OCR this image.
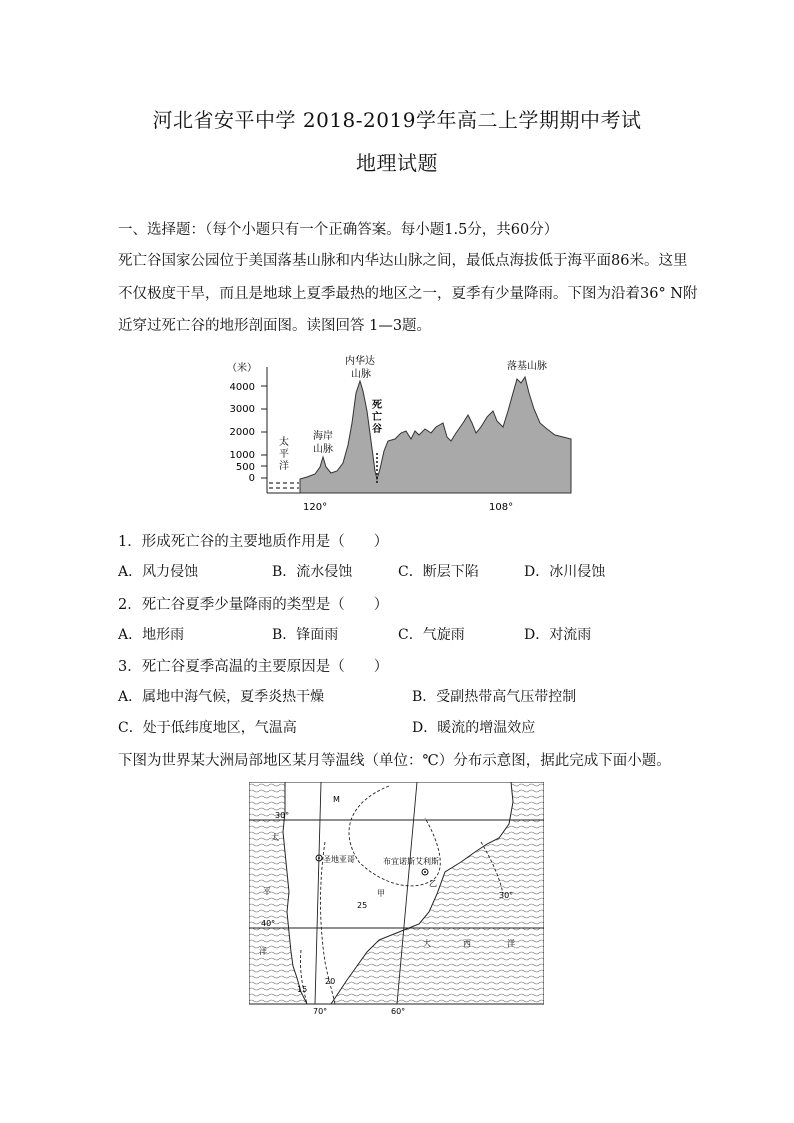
河北省安平中学 2018-2019学年高二上学期期中考试
地理试题
一、选择题：（每个小题只有一个正确答案。每小题1.5分，共60分）
死亡谷国家公园位于美国落基山脉和内华达山脉之间，最低点海拔低于海平面86米。这里
不仅极度干旱，而且是地球上夏季最热的地区之一，夏季有少量降雨。下图为沿着36° N附
近穿过死亡谷的地形剖面图。读图回答 1—3题。
（米）
4000
3000
2000
1000
500
0
太
平
洋
海岸
山脉
内华达
山脉
死
亡
谷
落基山脉
120°	108°
1．形成死亡谷的主要地质作用是（　　）
A．风力侵蚀	B．流水侵蚀	C．断层下陷	D．冰川侵蚀
2．死亡谷夏季少量降雨的类型是（　　）
A．地形雨	B．锋面雨	C．气旋雨	D．对流雨
3．死亡谷夏季高温的主要原因是（　　）
A．属地中海气候，夏季炎热干燥	B．受副热带高气压带控制
C．处于低纬度地区，气温高	D．暖流的增温效应
下图为世界某大洲局部地区某月等温线（单位：℃）分布示意图，据此完成下面小题。
圣地亚哥	布宜诺斯艾利斯
M
甲
乙
25
20
15
30°
30°
40°
70°	60°
太
平
洋
大	西	洋
